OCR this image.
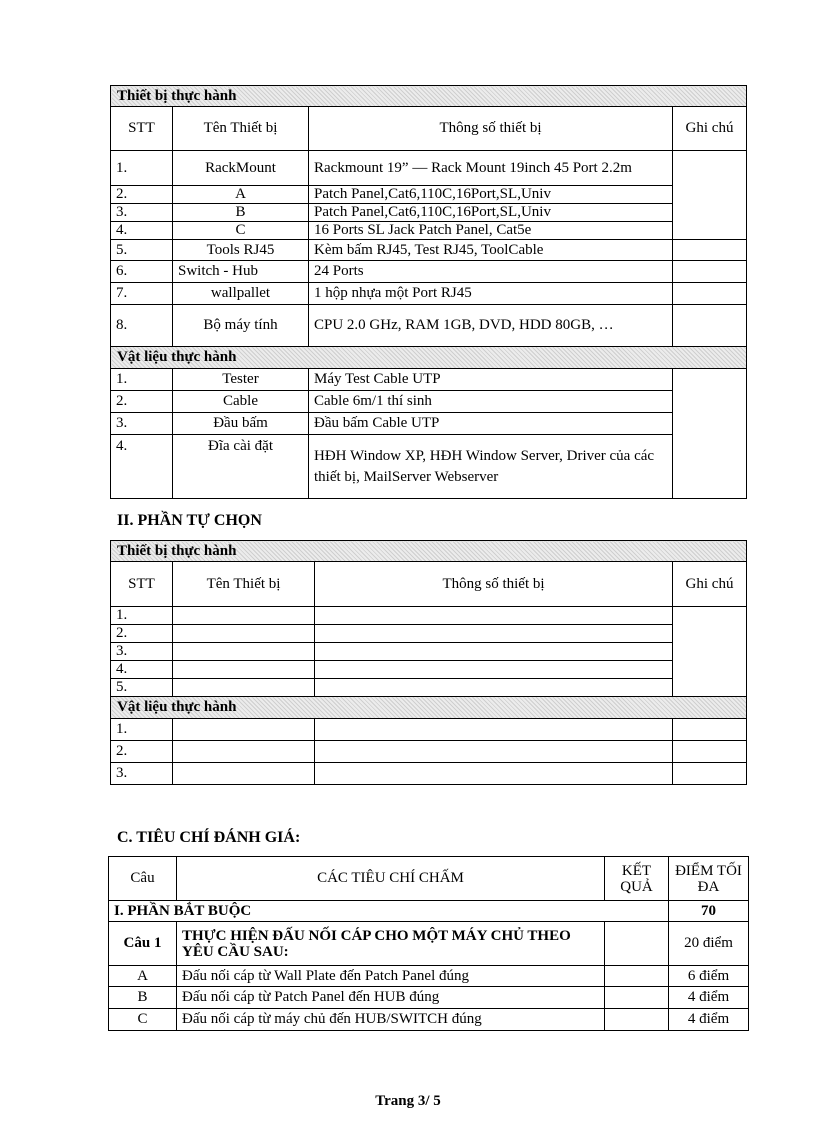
Thiết bị thực hành			
STT	Tên Thiết bị	Thông số thiết bị	Ghi chú
1.	RackMount	Rackmount 19” — Rack Mount 19inch 45 Port 2.2m	
2.	A	Patch Panel,Cat6,110C,16Port,SL,Univ	
3.	B	Patch Panel,Cat6,110C,16Port,SL,Univ	
4.	C	16 Ports SL Jack Patch Panel, Cat5e	
5.	Tools RJ45	Kèm bấm RJ45, Test RJ45, ToolCable	
6.	Switch - Hub	24 Ports	
7.	wallpallet	1 hộp nhựa một Port RJ45	
8.	Bộ máy tính	CPU 2.0 GHz, RAM 1GB, DVD, HDD 80GB, …	
Vật liệu thực hành			
1.	Tester	Máy Test Cable UTP	
2.	Cable	Cable 6m/1 thí sinh	
3.	Đầu bấm	Đầu bấm Cable UTP	
4.	Đĩa cài đặt	HĐH Window XP, HĐH Window Server, Driver của các thiết bị, MailServer Webserver	
II. PHẦN TỰ CHỌN
Thiết bị thực hành			
STT	Tên Thiết bị	Thông số thiết bị	Ghi chú
1.			
2.			
3.			
4.			
5.			
Vật liệu thực hành			
1.			
2.			
3.			
C. TIÊU CHÍ ĐÁNH GIÁ:
Câu	CÁC TIÊU CHÍ CHẤM	KẾT QUẢ	ĐIỂM TỐI ĐA
I. PHẦN BẮT BUỘC			70
Câu 1	THỰC HIỆN ĐẤU NỐI CÁP CHO MỘT MÁY CHỦ THEO YÊU CẦU SAU:		20 điểm
A	Đấu nối cáp từ Wall Plate đến Patch Panel đúng		6 điểm
B	Đấu nối cáp từ Patch Panel đến HUB đúng		4 điểm
C	Đấu nối cáp từ máy chủ đến HUB/SWITCH đúng		4 điểm
Trang 3/ 5
